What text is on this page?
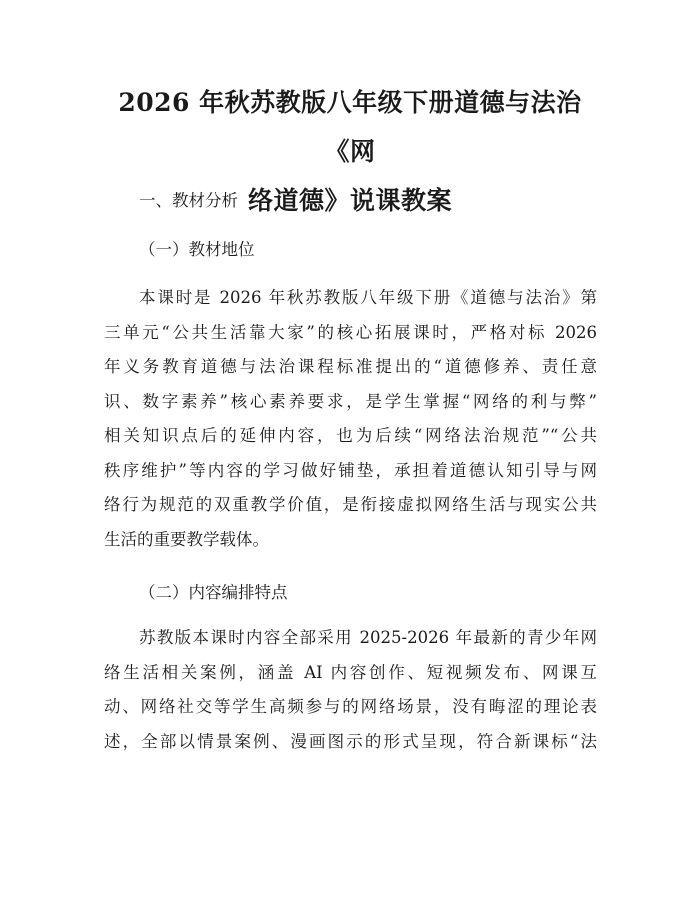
2026 年秋苏教版八年级下册道德与法治《网
络道德》说课教案
一、教材分析
（一）教材地位
本课时是 2026 年秋苏教版八年级下册《道德与法治》第
三单元“公共生活靠大家”的核心拓展课时，严格对标 2026
年义务教育道德与法治课程标准提出的“道德修养、责任意
识、数字素养”核心素养要求，是学生掌握“网络的利与弊”
相关知识点后的延伸内容，也为后续“网络法治规范”“公共
秩序维护”等内容的学习做好铺垫，承担着道德认知引导与网
络行为规范的双重教学价值，是衔接虚拟网络生活与现实公共
生活的重要教学载体。
（二）内容编排特点
苏教版本课时内容全部采用 2025-2026 年最新的青少年网
络生活相关案例，涵盖 AI 内容创作、短视频发布、网课互
动、网络社交等学生高频参与的网络场景，没有晦涩的理论表
述，全部以情景案例、漫画图示的形式呈现，符合新课标“法
